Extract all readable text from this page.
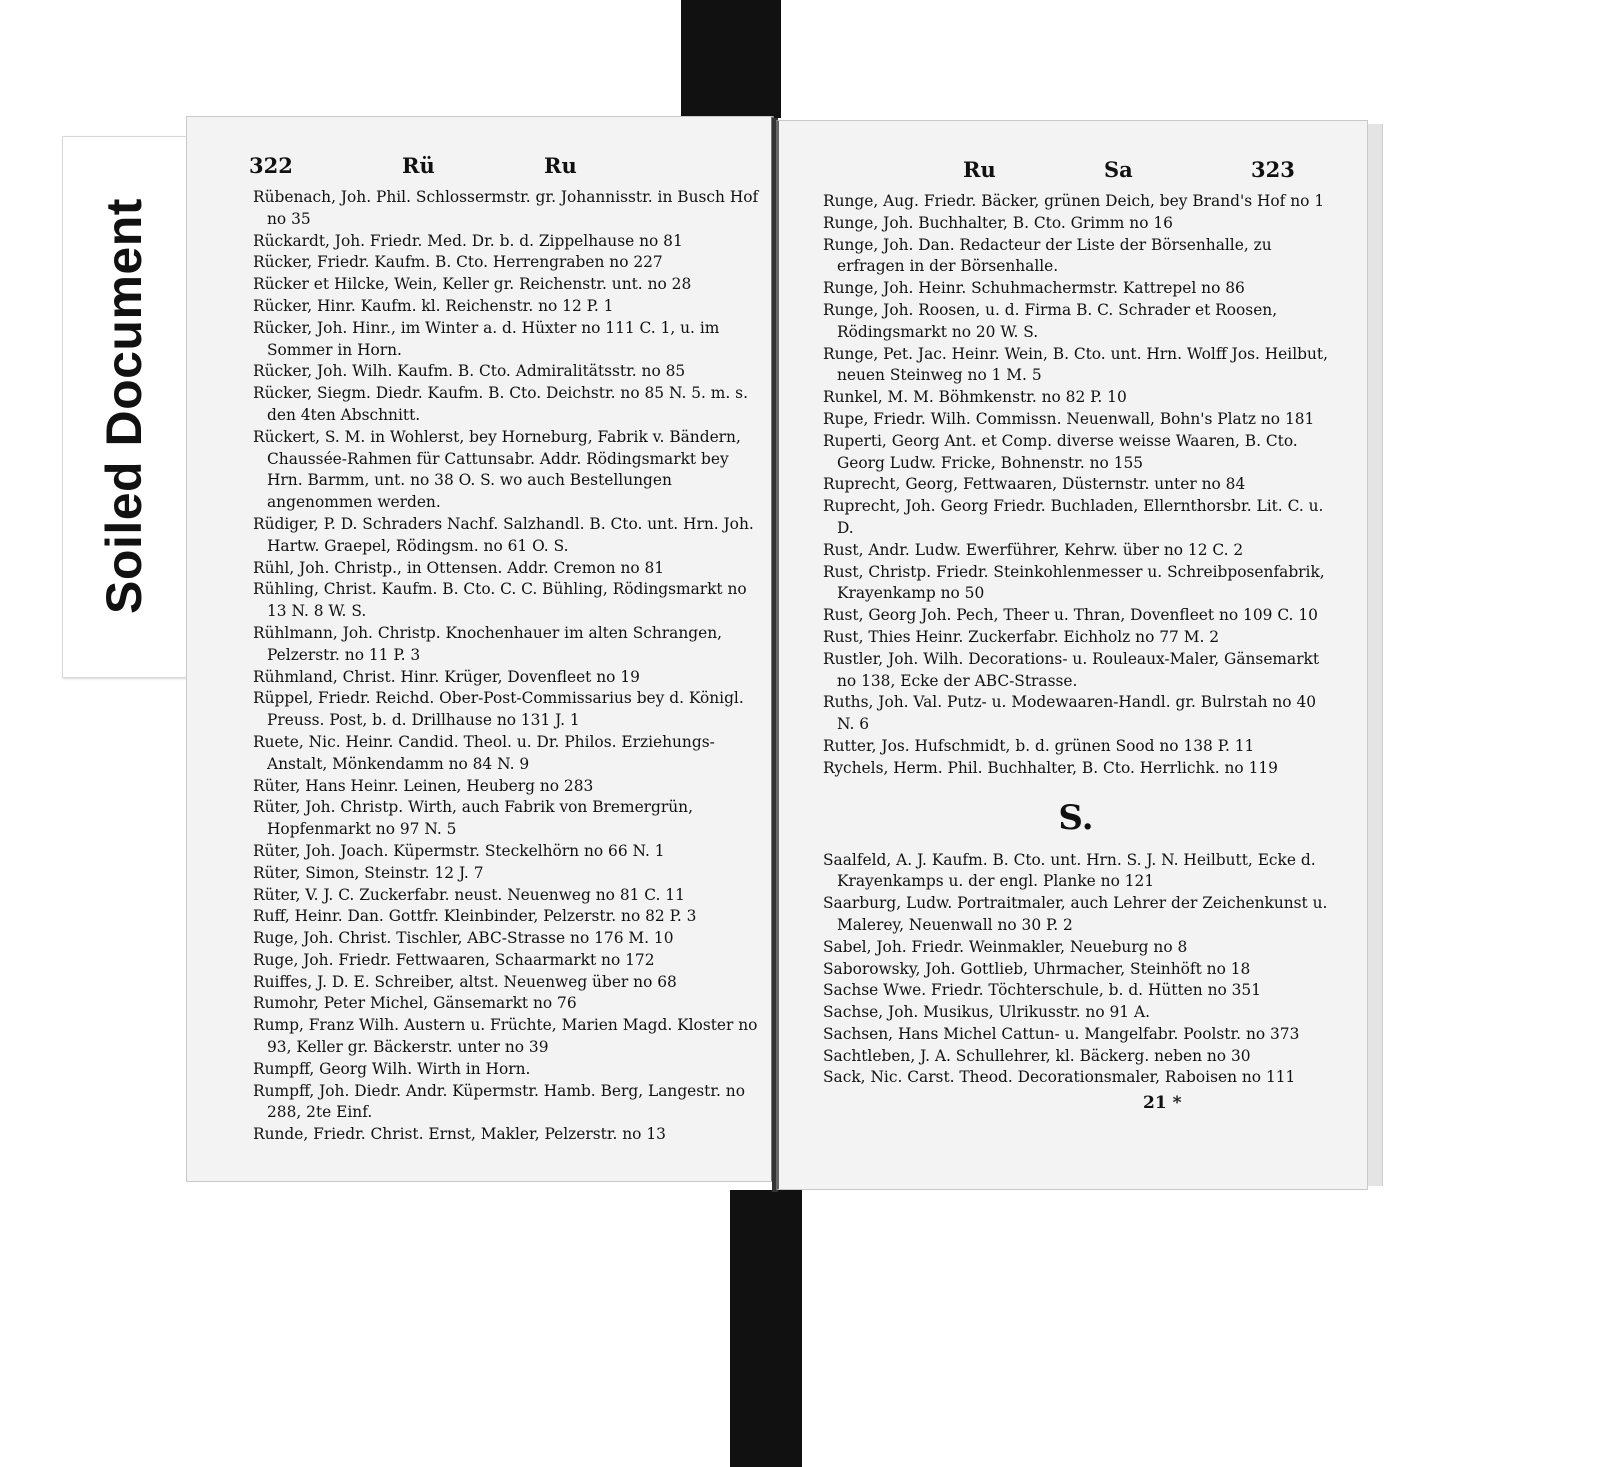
Soiled Document
322	Rü	Ru

Rübenach, Joh. Phil. Schlossermstr. gr. Johannisstr. in Busch Hof no 35

Rückardt, Joh. Friedr. Med. Dr. b. d. Zippelhause no 81

Rücker, Friedr. Kaufm. B. Cto. Herrengraben no 227

Rücker et Hilcke, Wein, Keller gr. Reichenstr. unt. no 28

Rücker, Hinr. Kaufm. kl. Reichenstr. no 12 P. 1

Rücker, Joh. Hinr., im Winter a. d. Hüxter no 111 C. 1, u. im Sommer in Horn.

Rücker, Joh. Wilh. Kaufm. B. Cto. Admiralitätsstr. no 85

Rücker, Siegm. Diedr. Kaufm. B. Cto. Deichstr. no 85 N. 5. m. s. den 4ten Abschnitt.

Rückert, S. M. in Wohlerst, bey Horneburg, Fabrik v. Bändern, Chaussée-Rahmen für Cattunsabr. Addr. Rödingsmarkt bey Hrn. Barmm, unt. no 38 O. S. wo auch Bestellungen angenommen werden.

Rüdiger, P. D. Schraders Nachf. Salzhandl. B. Cto. unt. Hrn. Joh. Hartw. Graepel, Rödingsm. no 61 O. S.

Rühl, Joh. Christp., in Ottensen. Addr. Cremon no 81

Rühling, Christ. Kaufm. B. Cto. C. C. Bühling, Rödingsmarkt no 13 N. 8 W. S.

Rühlmann, Joh. Christp. Knochenhauer im alten Schrangen, Pelzerstr. no 11 P. 3

Rühmland, Christ. Hinr. Krüger, Dovenfleet no 19

Rüppel, Friedr. Reichd. Ober-Post-Commissarius bey d. Königl. Preuss. Post, b. d. Drillhause no 131 J. 1

Ruete, Nic. Heinr. Candid. Theol. u. Dr. Philos. Erziehungs-Anstalt, Mönkendamm no 84 N. 9

Rüter, Hans Heinr. Leinen, Heuberg no 283

Rüter, Joh. Christp. Wirth, auch Fabrik von Bremergrün, Hopfenmarkt no 97 N. 5

Rüter, Joh. Joach. Küpermstr. Steckelhörn no 66 N. 1

Rüter, Simon, Steinstr. 12 J. 7

Rüter, V. J. C. Zuckerfabr. neust. Neuenweg no 81 C. 11

Ruff, Heinr. Dan. Gottfr. Kleinbinder, Pelzerstr. no 82 P. 3

Ruge, Joh. Christ. Tischler, ABC-Strasse no 176 M. 10

Ruge, Joh. Friedr. Fettwaaren, Schaarmarkt no 172

Ruiffes, J. D. E. Schreiber, altst. Neuenweg über no 68

Rumohr, Peter Michel, Gänsemarkt no 76

Rump, Franz Wilh. Austern u. Früchte, Marien Magd. Kloster no 93, Keller gr. Bäckerstr. unter no 39

Rumpff, Georg Wilh. Wirth in Horn.

Rumpff, Joh. Diedr. Andr. Küpermstr. Hamb. Berg, Langestr. no 288, 2te Einf.

Runde, Friedr. Christ. Ernst, Makler, Pelzerstr. no 13

Ru	Sa	323

Runge, Aug. Friedr. Bäcker, grünen Deich, bey Brand's Hof no 1

Runge, Joh. Buchhalter, B. Cto. Grimm no 16

Runge, Joh. Dan. Redacteur der Liste der Börsenhalle, zu erfragen in der Börsenhalle.

Runge, Joh. Heinr. Schuhmachermstr. Kattrepel no 86

Runge, Joh. Roosen, u. d. Firma B. C. Schrader et Roosen, Rödingsmarkt no 20 W. S.

Runge, Pet. Jac. Heinr. Wein, B. Cto. unt. Hrn. Wolff Jos. Heilbut, neuen Steinweg no 1 M. 5

Runkel, M. M. Böhmkenstr. no 82 P. 10

Rupe, Friedr. Wilh. Commissn. Neuenwall, Bohn's Platz no 181

Ruperti, Georg Ant. et Comp. diverse weisse Waaren, B. Cto. Georg Ludw. Fricke, Bohnenstr. no 155

Ruprecht, Georg, Fettwaaren, Düsternstr. unter no 84

Ruprecht, Joh. Georg Friedr. Buchladen, Ellernthorsbr. Lit. C. u. D.

Rust, Andr. Ludw. Ewerführer, Kehrw. über no 12 C. 2

Rust, Christp. Friedr. Steinkohlenmesser u. Schreibposenfabrik, Krayenkamp no 50

Rust, Georg Joh. Pech, Theer u. Thran, Dovenfleet no 109 C. 10

Rust, Thies Heinr. Zuckerfabr. Eichholz no 77 M. 2

Rustler, Joh. Wilh. Decorations- u. Rouleaux-Maler, Gänsemarkt no 138, Ecke der ABC-Strasse.

Ruths, Joh. Val. Putz- u. Modewaaren-Handl. gr. Bulrstah no 40 N. 6

Rutter, Jos. Hufschmidt, b. d. grünen Sood no 138 P. 11

Rychels, Herm. Phil. Buchhalter, B. Cto. Herrlichk. no 119

S.

Saalfeld, A. J. Kaufm. B. Cto. unt. Hrn. S. J. N. Heilbutt, Ecke d. Krayenkamps u. der engl. Planke no 121

Saarburg, Ludw. Portraitmaler, auch Lehrer der Zeichenkunst u. Malerey, Neuenwall no 30 P. 2

Sabel, Joh. Friedr. Weinmakler, Neueburg no 8

Saborowsky, Joh. Gottlieb, Uhrmacher, Steinhöft no 18

Sachse Wwe. Friedr. Töchterschule, b. d. Hütten no 351

Sachse, Joh. Musikus, Ulrikusstr. no 91 A.

Sachsen, Hans Michel Cattun- u. Mangelfabr. Poolstr. no 373

Sachtleben, J. A. Schullehrer, kl. Bäckerg. neben no 30

Sack, Nic. Carst. Theod. Decorationsmaler, Raboisen no 111

21 *
